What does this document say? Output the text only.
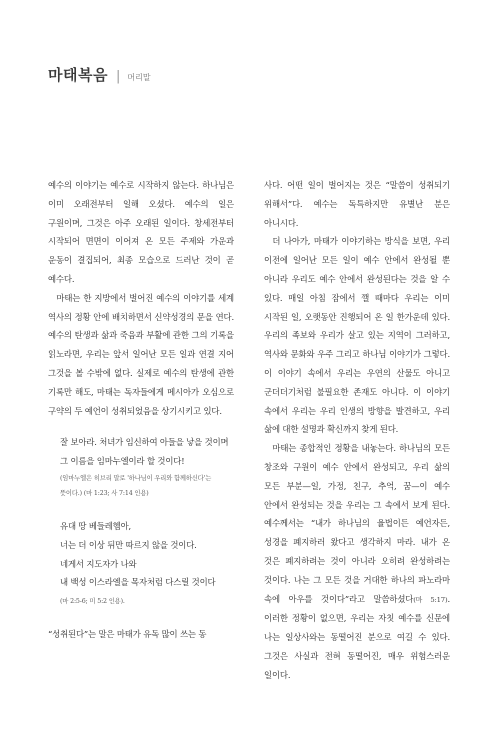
마태복음 | 머리말

예수의 이야기는 예수로 시작하지 않는다. 하나님은 이미 오래전부터 일해 오셨다. 예수의 일은 구원이며, 그것은 아주 오래된 일이다. 창세전부터 시작되어 면면이 이어져 온 모든 주제와 가운과 운동이 결집되어, 최종 모습으로 드러난 것이 곧 예수다.

마태는 한 지방에서 벌어진 예수의 이야기를 세계 역사의 정황 안에 배치하면서 신약성경의 문을 연다. 예수의 탄생과 삶과 죽음과 부활에 관한 그의 기록을 읽노라면, 우리는 앞서 일어난 모든 일과 연결 지어 그것을 볼 수밖에 없다. 실제로 예수의 탄생에 관한 기록만 해도, 마태는 독자들에게 메시아가 오심으로 구약의 두 예언이 성취되었음을 상기시키고 있다.

잘 보아라. 처녀가 임신하여 아들을 낳을 것이며
그 이름을 임마누엘이라 할 것이다!
(임마누엘은 히브리 말로 '하나님이 우리와 함께하신다'는 뜻이다.) (마 1:23; 사 7:14 인용)

유대 땅 베들레헴아,
너는 더 이상 뒤만 따르지 않을 것이다.
네게서 지도자가 나와
내 백성 이스라엘을 목자처럼 다스릴 것이다
(마 2:5-6; 미 5:2 인용).

“성취된다”는 말은 마태가 유독 많이 쓰는 동

사다. 어떤 일이 벌어지는 것은 “말씀이 성취되기 위해서”다. 예수는 독특하지만 유별난 분은 아니시다.

더 나아가, 마태가 이야기하는 방식을 보면, 우리 이전에 일어난 모든 일이 예수 안에서 완성될 뿐 아니라 우리도 예수 안에서 완성된다는 것을 알 수 있다. 매일 아침 잠에서 깰 때마다 우리는 이미 시작된 일, 오랫동안 진행되어 온 일 한가운데 있다. 우리의 족보와 우리가 살고 있는 지역이 그러하고, 역사와 문화와 우주 그리고 하나님 이야기가 그렇다. 이 이야기 속에서 우리는 우연의 산물도 아니고 군더더기처럼 불필요한 존재도 아니다. 이 이야기 속에서 우리는 우리 인생의 방향을 발견하고, 우리 삶에 대한 설명과 확신까지 찾게 된다.

마태는 종합적인 정황을 내놓는다. 하나님의 모든 창조와 구원이 예수 안에서 완성되고, 우리 삶의 모든 부분—일, 가정, 친구, 추억, 꿈—이 예수 안에서 완성되는 것을 우리는 그 속에서 보게 된다. 예수께서는 “내가 하나님의 율법이든 예언자든, 성경을 폐지하러 왔다고 생각하지 마라. 내가 온 것은 폐지하려는 것이 아니라 오히려 완성하려는 것이다. 나는 그 모든 것을 거대한 하나의 파노라마 속에 아우를 것이다”라고 말씀하셨다(마 5:17). 이러한 정황이 없으면, 우리는 자칫 예수를 신문에 나는 일상사와는 동떨어진 분으로 여길 수 있다. 그것은 사실과 전혀 동떨어진, 매우 위험스러운 일이다.
